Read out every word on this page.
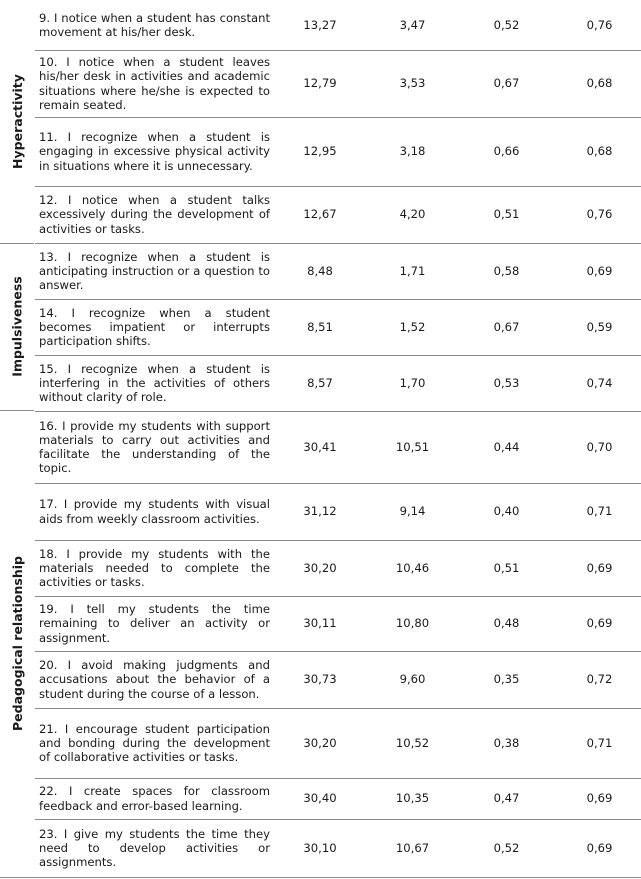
9. I notice when a student has constant movement at his/her desk.	13,27	3,47	0,52	0,76
10. I notice when a student leaves his/her desk in activities and academic situations where he/she is expected to remain seated.	12,79	3,53	0,67	0,68
11. I recognize when a student is engaging in excessive physical activity in situations where it is unnecessary.	12,95	3,18	0,66	0,68
12. I notice when a student talks excessively during the development of activities or tasks.	12,67	4,20	0,51	0,76
13. I recognize when a student is anticipating instruction or a question to answer.	8,48	1,71	0,58	0,69
14. I recognize when a student becomes impatient or interrupts participation shifts.	8,51	1,52	0,67	0,59
15. I recognize when a student is interfering in the activities of others without clarity of role.	8,57	1,70	0,53	0,74
16. I provide my students with support materials to carry out activities and facilitate the understanding of the topic.	30,41	10,51	0,44	0,70
17. I provide my students with visual aids from weekly classroom activities.	31,12	9,14	0,40	0,71
18. I provide my students with the materials needed to complete the activities or tasks.	30,20	10,46	0,51	0,69
19. I tell my students the time remaining to deliver an activity or assignment.	30,11	10,80	0,48	0,69
20. I avoid making judgments and accusations about the behavior of a student during the course of a lesson.	30,73	9,60	0,35	0,72
21. I encourage student participation and bonding during the development of collaborative activities or tasks.	30,20	10,52	0,38	0,71
22. I create spaces for classroom feedback and error-based learning.	30,40	10,35	0,47	0,69
23. I give my students the time they need to develop activities or assignments.	30,10	10,67	0,52	0,69
Hyperactivity
Impulsiveness
Pedagogical relationship
